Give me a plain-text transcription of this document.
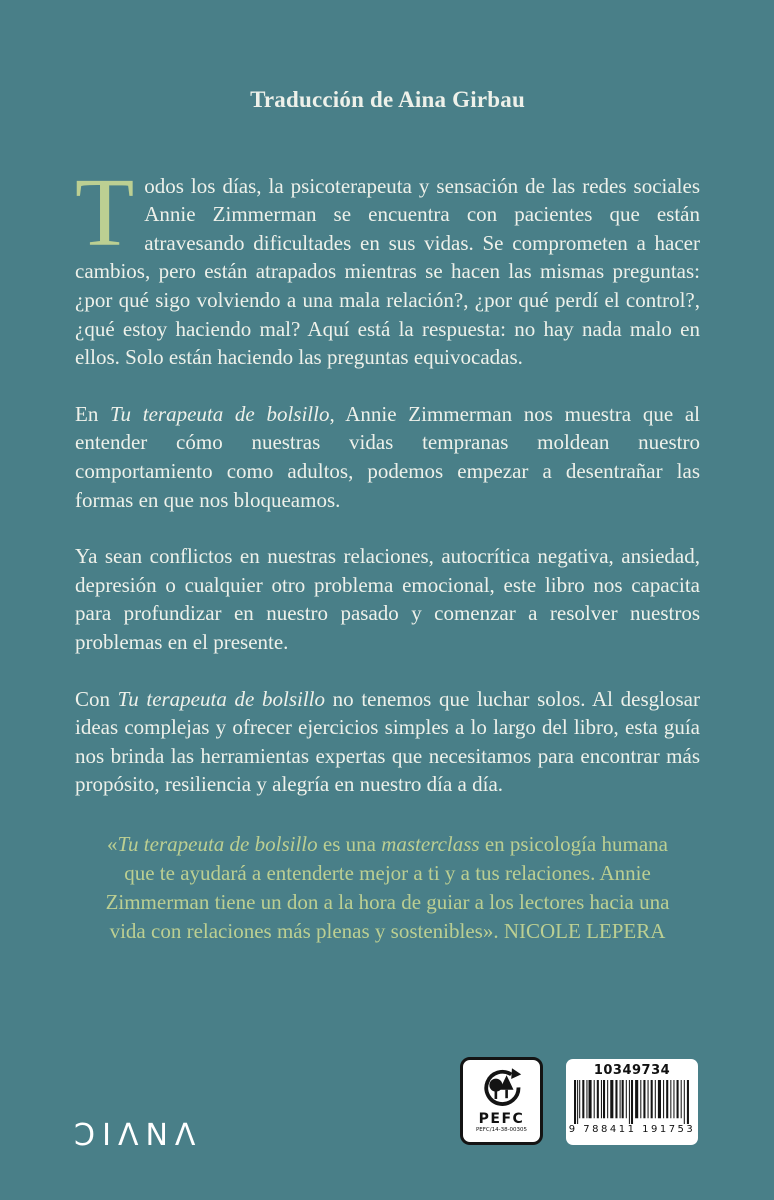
Traducción de Aina Girbau

Todos los días, la psicoterapeuta y sensación de las redes sociales Annie Zimmerman se encuentra con pacientes que están atravesando dificultades en sus vidas. Se comprometen a hacer cambios, pero están atrapados mientras se hacen las mismas preguntas: ¿por qué sigo volviendo a una mala relación?, ¿por qué perdí el control?, ¿qué estoy haciendo mal? Aquí está la respuesta: no hay nada malo en ellos. Solo están haciendo las preguntas equivocadas.

En Tu terapeuta de bolsillo, Annie Zimmerman nos muestra que al entender cómo nuestras vidas tempranas moldean nuestro comportamiento como adultos, podemos empezar a desentrañar las formas en que nos bloqueamos.

Ya sean conflictos en nuestras relaciones, autocrítica negativa, ansiedad, depresión o cualquier otro problema emocional, este libro nos capacita para profundizar en nuestro pasado y comenzar a resolver nuestros problemas en el presente.

Con Tu terapeuta de bolsillo no tenemos que luchar solos. Al desglosar ideas complejas y ofrecer ejercicios simples a lo largo del libro, esta guía nos brinda las herramientas expertas que necesitamos para encontrar más propósito, resiliencia y alegría en nuestro día a día.

«Tu terapeuta de bolsillo es una masterclass en psicología humana que te ayudará a entenderte mejor a ti y a tus relaciones. Annie Zimmerman tiene un don a la hora de guiar a los lectores hacia una vida con relaciones más plenas y sostenibles». NICOLE LEPERA
ƆIΛNΛ	PEFC
PEFC/14-38-00305
10349734
9 788411 191753
